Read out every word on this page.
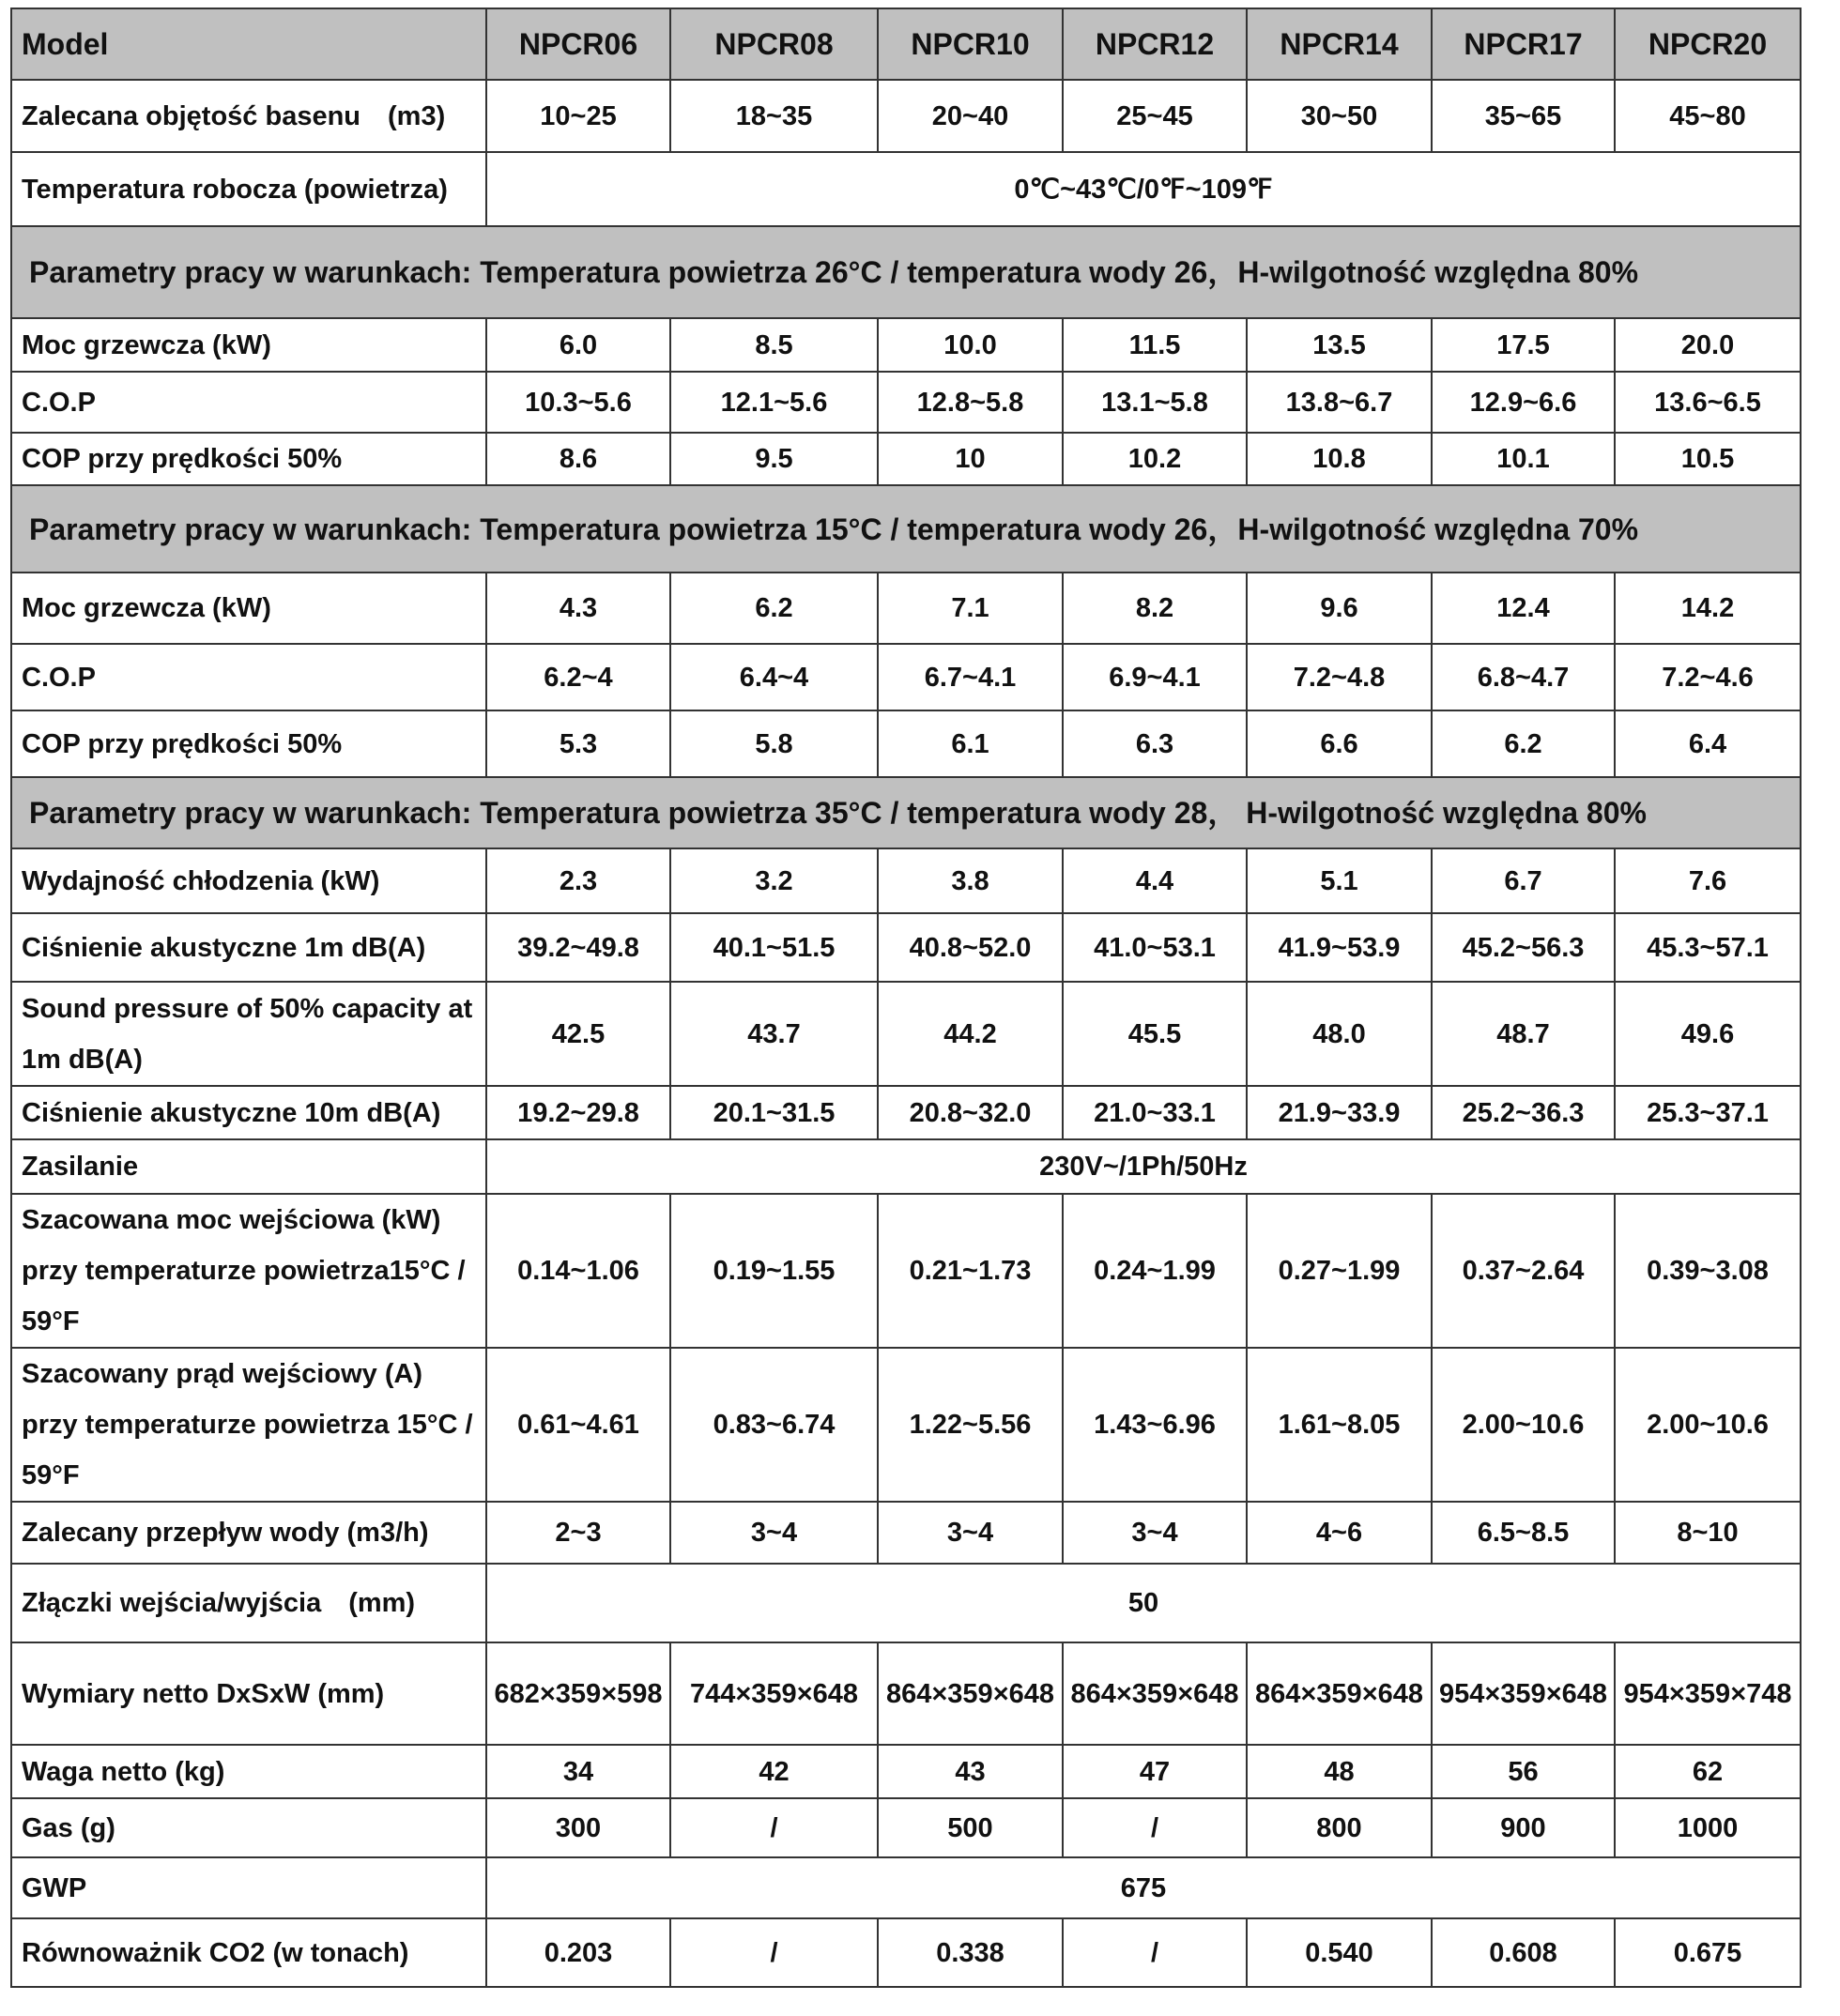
Model	NPCR06	NPCR08	NPCR10	NPCR12	NPCR14	NPCR17	NPCR20
Zalecana objętość basenu　(m3)	10~25	18~35	20~40	25~45	30~50	35~65	45~80
Temperatura robocza (powietrza)	0℃~43℃/0℉~109℉						
Parametry pracy w warunkach: Temperatura powietrza 26°C / temperatura wody 26，H-wilgotność względna 80%							
Moc grzewcza (kW)	6.0	8.5	10.0	11.5	13.5	17.5	20.0
C.O.P	10.3~5.6	12.1~5.6	12.8~5.8	13.1~5.8	13.8~6.7	12.9~6.6	13.6~6.5
COP przy prędkości 50%	8.6	9.5	10	10.2	10.8	10.1	10.5
Parametry pracy w warunkach: Temperatura powietrza 15°C / temperatura wody 26，H-wilgotność względna 70%							
Moc grzewcza (kW)	4.3	6.2	7.1	8.2	9.6	12.4	14.2
C.O.P	6.2~4	6.4~4	6.7~4.1	6.9~4.1	7.2~4.8	6.8~4.7	7.2~4.6
COP przy prędkości 50%	5.3	5.8	6.1	6.3	6.6	6.2	6.4
Parametry pracy w warunkach: Temperatura powietrza 35°C / temperatura wody 28， H-wilgotność względna 80%							
Wydajność chłodzenia (kW)	2.3	3.2	3.8	4.4	5.1	6.7	7.6
Ciśnienie akustyczne 1m dB(A)	39.2~49.8	40.1~51.5	40.8~52.0	41.0~53.1	41.9~53.9	45.2~56.3	45.3~57.1
Sound pressure of 50% capacity at 1m dB(A)	42.5	43.7	44.2	45.5	48.0	48.7	49.6
Ciśnienie akustyczne 10m dB(A)	19.2~29.8	20.1~31.5	20.8~32.0	21.0~33.1	21.9~33.9	25.2~36.3	25.3~37.1
Zasilanie	230V~/1Ph/50Hz						
Szacowana moc wejściowa (kW) przy temperaturze powietrza15°C / 59°F	0.14~1.06	0.19~1.55	0.21~1.73	0.24~1.99	0.27~1.99	0.37~2.64	0.39~3.08
Szacowany prąd wejściowy (A) przy temperaturze powietrza 15°C / 59°F	0.61~4.61	0.83~6.74	1.22~5.56	1.43~6.96	1.61~8.05	2.00~10.6	2.00~10.6
Zalecany przepływ wody (m3/h)	2~3	3~4	3~4	3~4	4~6	6.5~8.5	8~10
Złączki wejścia/wyjścia　(mm)	50						
Wymiary netto DxSxW (mm)	682×359×598	744×359×648	864×359×648	864×359×648	864×359×648	954×359×648	954×359×748
Waga netto (kg)	34	42	43	47	48	56	62
Gas (g)	300	/	500	/	800	900	1000
GWP	675						
Równoważnik CO2 (w tonach)	0.203	/	0.338	/	0.540	0.608	0.675
